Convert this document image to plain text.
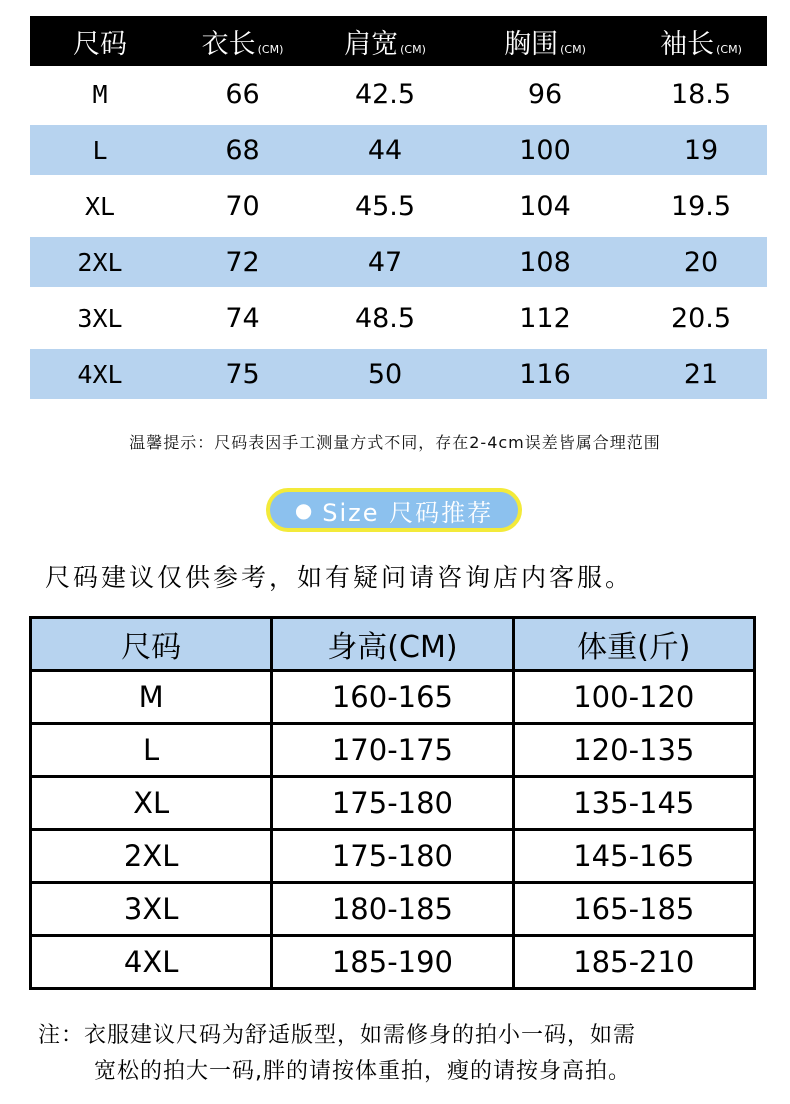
尺码	衣长 (CM)	肩宽 (CM)	胸围 (CM)	袖长 (CM)
M	66	42.5	96	18.5
L	68	44	100	19
XL	70	45.5	104	19.5
2XL	72	47	108	20
3XL	74	48.5	112	20.5
4XL	75	50	116	21
温馨提示：尺码表因手工测量方式不同，存在2-4cm误差皆属合理范围
● Size 尺码推荐
尺码建议仅供参考，如有疑问请咨询店内客服。
尺码	身高(CM)	体重(斤)
M	160-165	100-120
L	170-175	120-135
XL	175-180	135-145
2XL	175-180	145-165
3XL	180-185	165-185
4XL	185-190	185-210
注：衣服建议尺码为舒适版型，如需修身的拍小一码，如需
宽松的拍大一码,胖的请按体重拍，瘦的请按身高拍。
